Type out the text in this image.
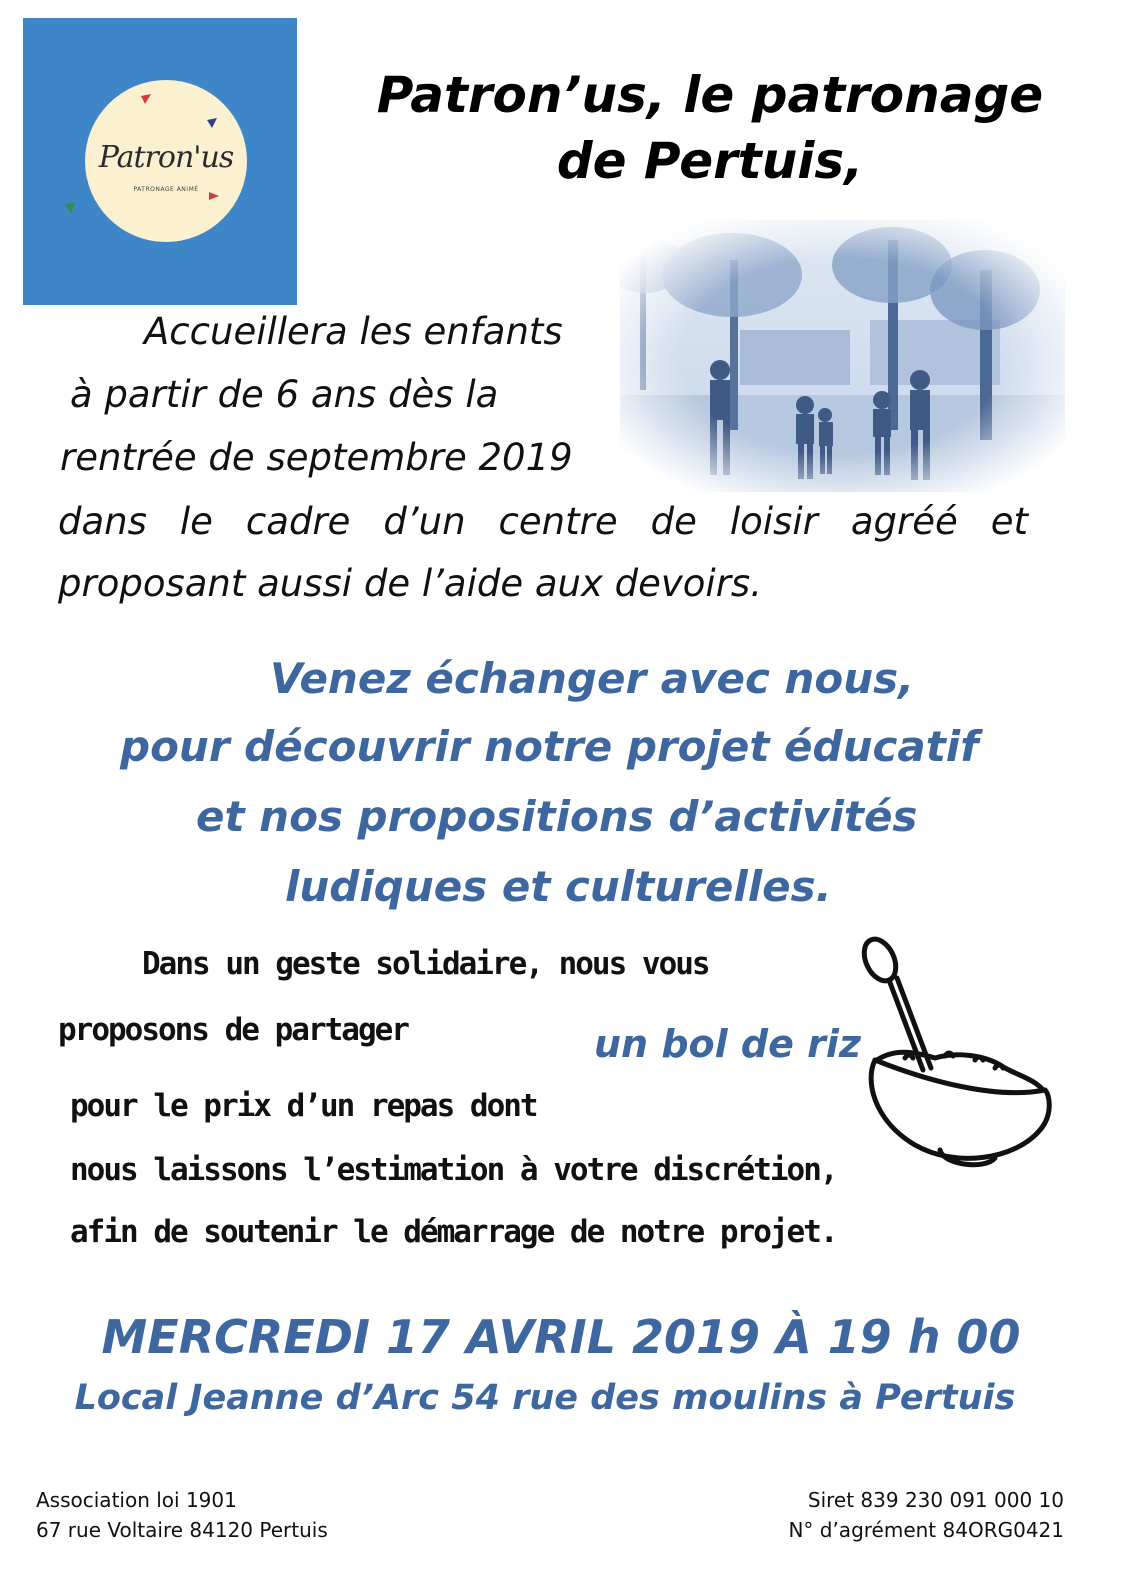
Patron'us
PATRONAGE ANIMÉ
Patron’us, le patronage
de Pertuis,
Accueillera les enfants
à partir de 6 ans dès la
rentrée de septembre 2019
dans le cadre d’un centre de loisir agréé et
proposant aussi de l’aide aux devoirs.
Venez échanger avec nous,
pour découvrir notre projet éducatif
et nos propositions d’activités
ludiques et culturelles.
Dans un geste solidaire, nous vous
proposons de partager	un bol de riz
pour le prix d’un repas dont
nous laissons l’estimation à votre discrétion,
afin de soutenir le démarrage de notre projet.
MERCREDI 17 AVRIL 2019 À 19 h 00
Local Jeanne d’Arc 54 rue des moulins à Pertuis
Association loi 1901
67 rue Voltaire 84120 Pertuis
Siret 839 230 091 000 10
N° d’agrément 84ORG0421
